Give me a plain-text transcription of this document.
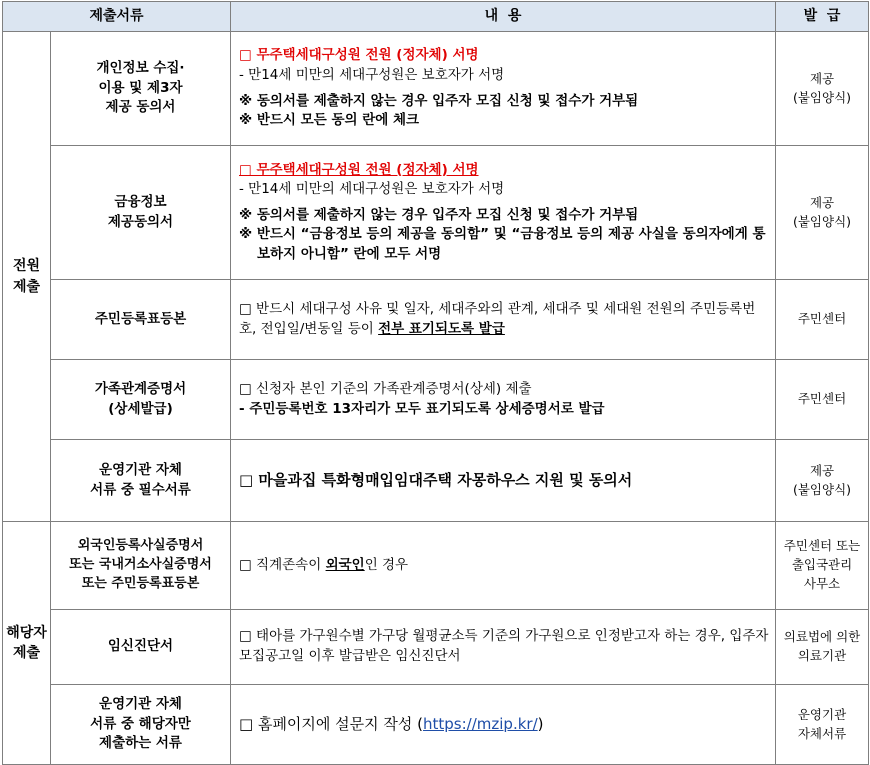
제출서류		내  용	발  급
전원
제출	개인정보 수집·
이용 및 제3자
제공 동의서	□ 무주택세대구성원 전원 (정자체) 서명
- 만14세 미만의 세대구성원은 보호자가 서명
※ 동의서를 제출하지 않는 경우 입주자 모집 신청 및 접수가 거부됨
※ 반드시 모든 동의 란에 체크	제공
(붙임양식)
	금융정보
제공동의서	□ 무주택세대구성원 전원 (정자체) 서명
- 만14세 미만의 세대구성원은 보호자가 서명
※ 동의서를 제출하지 않는 경우 입주자 모집 신청 및 접수가 거부됨
※ 반드시 “금융정보 등의 제공을 동의함” 및 “금융정보 등의 제공 사실을 동의자에게 통보하지 아니함” 란에 모두 서명	제공
(붙임양식)
	주민등록표등본	□ 반드시 세대구성 사유 및 일자, 세대주와의 관계, 세대주 및 세대원 전원의 주민등록번호, 전입일/변동일 등이 전부 표기되도록 발급	주민센터
	가족관계증명서
(상세발급)	□ 신청자 본인 기준의 가족관계증명서(상세) 제출
- 주민등록번호 13자리가 모두 표기되도록 상세증명서로 발급	주민센터
	운영기관 자체
서류 중 필수서류	□ 마을과집 특화형매입임대주택 자몽하우스 지원 및 동의서	제공
(붙임양식)
해당자
제출	외국인등록사실증명서
또는 국내거소사실증명서
또는 주민등록표등본	□ 직계존속이 외국인인 경우	주민센터 또는
출입국관리
사무소
	임신진단서	□ 태아를 가구원수별 가구당 월평균소득 기준의 가구원으로 인정받고자 하는 경우, 입주자모집공고일 이후 발급받은 임신진단서	의료법에 의한
의료기관
	운영기관 자체
서류 중 해당자만
제출하는 서류	□ 홈페이지에 설문지 작성 (https://mzip.kr/)	운영기관
자체서류
